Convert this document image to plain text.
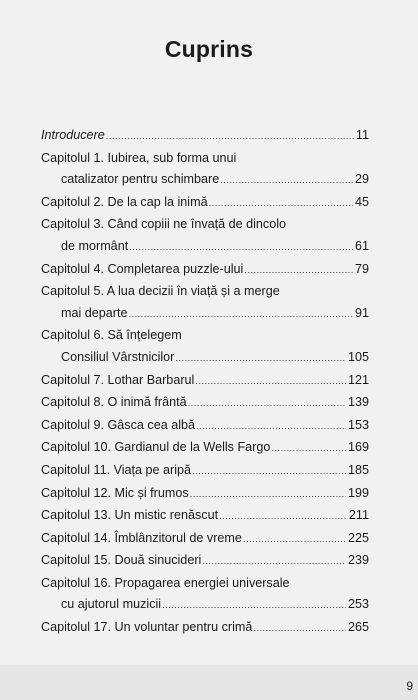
Cuprins
Introducere .....	11
Capitolul 1. Iubirea, sub forma unui
catalizator pentru schimbare .....	29
Capitolul 2. De la cap la inimă .....	45
Capitolul 3. Când copiii ne învață de dincolo
de mormânt .....	61
Capitolul 4. Completarea puzzle-ului .....	79
Capitolul 5. A lua decizii în viață și a merge
mai departe .....	91
Capitolul 6. Să înțelegem
Consiliul Vârstnicilor .....	105
Capitolul 7. Lothar Barbarul .....	121
Capitolul 8. O inimă frântă .....	139
Capitolul 9. Gâsca cea albă .....	153
Capitolul 10. Gardianul de la Wells Fargo .....	169
Capitolul 11. Viața pe aripă .....	185
Capitolul 12. Mic și frumos .....	199
Capitolul 13. Un mistic renăscut .....	211
Capitolul 14. Îmblânzitorul de vreme .....	225
Capitolul 15. Două sinucideri .....	239
Capitolul 16. Propagarea energiei universale
cu ajutorul muzicii .....	253
Capitolul 17. Un voluntar pentru crimă .....	265
9
